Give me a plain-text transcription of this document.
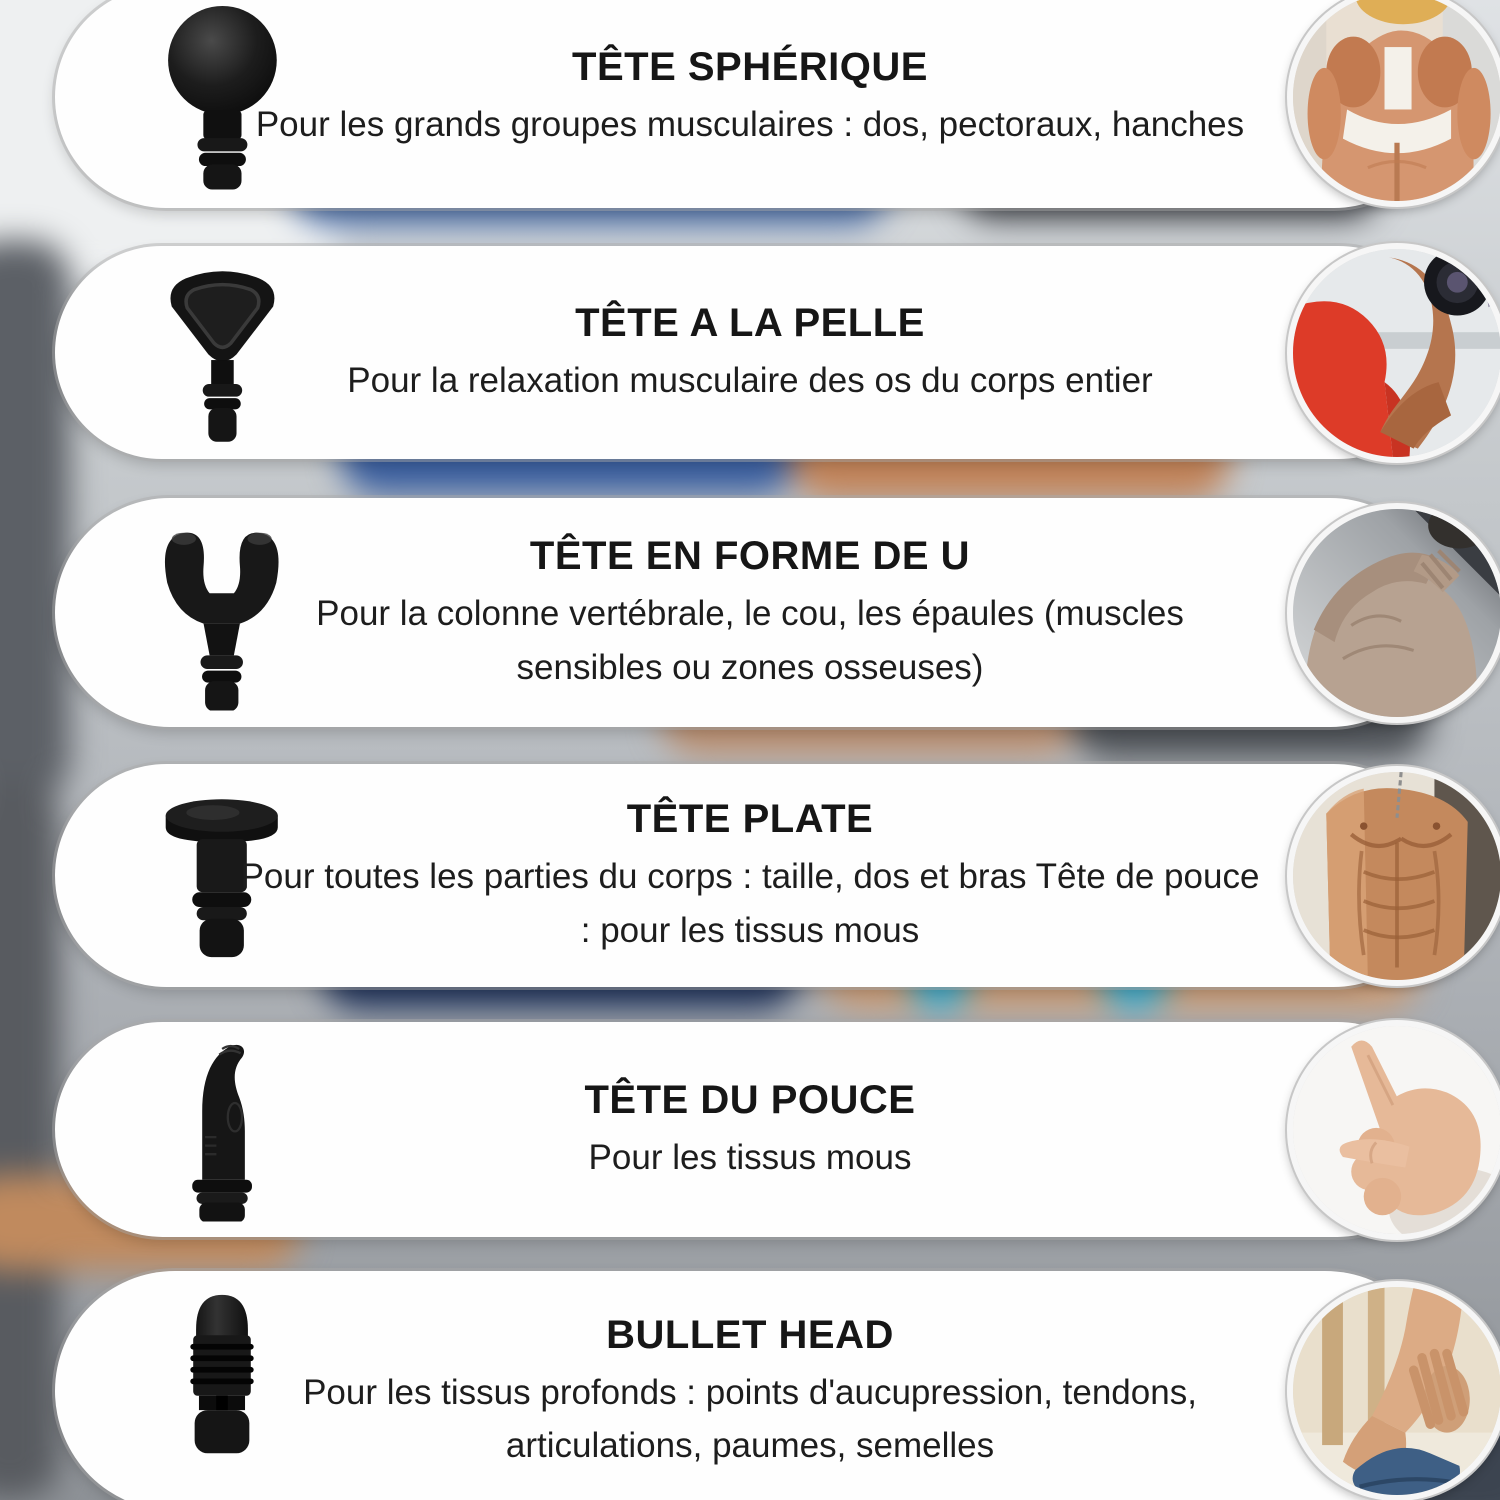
TÊTE SPHÉRIQUE

Pour les grands groupes musculaires : dos, pectoraux, hanches

TÊTE A LA PELLE

Pour la relaxation musculaire des os du corps entier

TÊTE EN FORME DE U

Pour la colonne vertébrale, le cou, les épaules (muscles sensibles ou zones osseuses)

TÊTE PLATE

Pour toutes les parties du corps : taille, dos et bras Tête de pouce : pour les tissus mous

TÊTE DU POUCE

Pour les tissus mous

BULLET HEAD

Pour les tissus profonds : points d'aucupression, tendons, articulations, paumes, semelles
